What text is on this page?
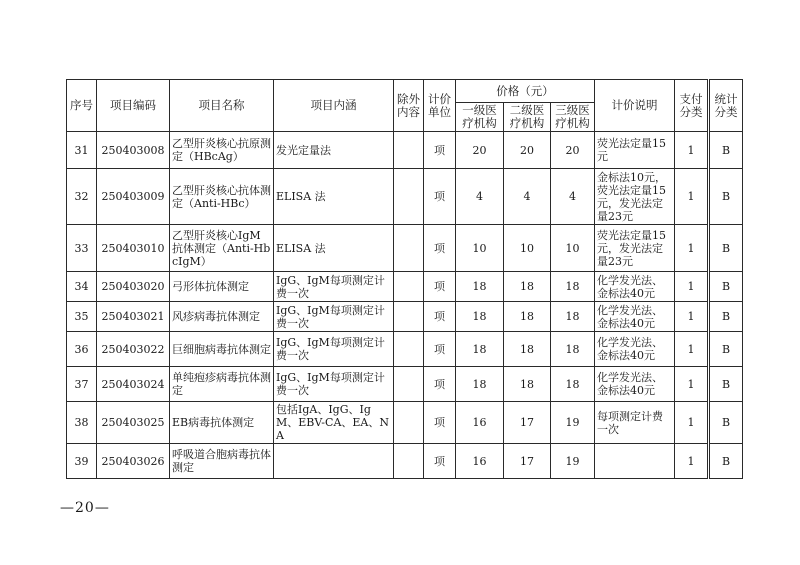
序号	项目编码	项目名称	项目内涵	除外内容	计价单位	价格（元）			计价说明	支付分类	统计分类
						一级医疗机构	二级医疗机构	三级医疗机构			
31	250403008	乙型肝炎核心抗原测定（HBcAg）	发光定量法		项	20	20	20	荧光法定量15元	1	B
32	250403009	乙型肝炎核心抗体测定（Anti-HBc）	ELISA 法		项	4	4	4	金标法10元，荧光法定量15元，发光法定量23元	1	B
33	250403010	乙型肝炎核心IgM抗体测定（Anti-HbcIgM）	ELISA 法		项	10	10	10	荧光法定量15元，发光法定量23元	1	B
34	250403020	弓形体抗体测定	IgG、IgM每项测定计费一次		项	18	18	18	化学发光法、金标法40元	1	B
35	250403021	风疹病毒抗体测定	IgG、IgM每项测定计费一次		项	18	18	18	化学发光法、金标法40元	1	B
36	250403022	巨细胞病毒抗体测定	IgG、IgM每项测定计费一次		项	18	18	18	化学发光法、金标法40元	1	B
37	250403024	单纯疱疹病毒抗体测定	IgG、IgM每项测定计费一次		项	18	18	18	化学发光法、金标法40元	1	B
38	250403025	EB病毒抗体测定	包括IgA、IgG、IgM、EBV-CA、EA、NA		项	16	17	19	每项测定计费一次	1	B
39	250403026	呼吸道合胞病毒抗体测定			项	16	17	19		1	B
—20—
